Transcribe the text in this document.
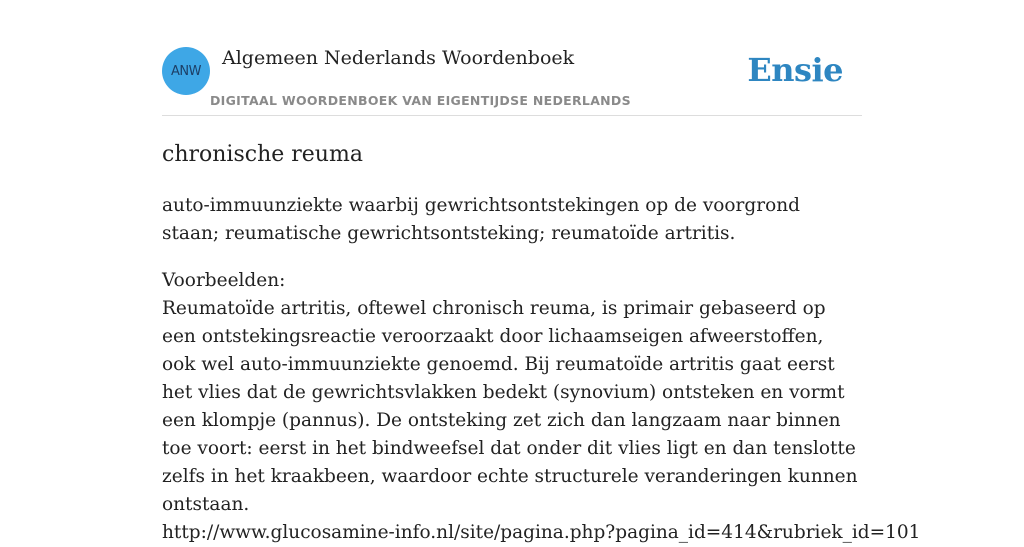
ANW
Algemeen Nederlands Woordenboek
DIGITAAL WOORDENBOEK VAN EIGENTIJDSE NEDERLANDS
Ensie
chronische reuma

auto-immuunziekte waarbij gewrichtsontstekingen op de voorgrond staan; reumatische gewrichtsontsteking; reumatoïde artritis.

Voorbeelden:

Reumatoïde artritis, oftewel chronisch reuma, is primair gebaseerd op een ontstekingsreactie veroorzaakt door lichaamseigen afweerstoffen, ook wel auto-immuunziekte genoemd. Bij reumatoïde artritis gaat eerst het vlies dat de gewrichtsvlakken bedekt (synovium) ontsteken en vormt een klompje (pannus). De ontsteking zet zich dan langzaam naar binnen toe voort: eerst in het bindweefsel dat onder dit vlies ligt en dan tenslotte zelfs in het kraakbeen, waardoor echte structurele veranderingen kunnen ontstaan.

http://www.glucosamine-info.nl/site/pagina.php?pagina_id=414&rubriek_id=101
